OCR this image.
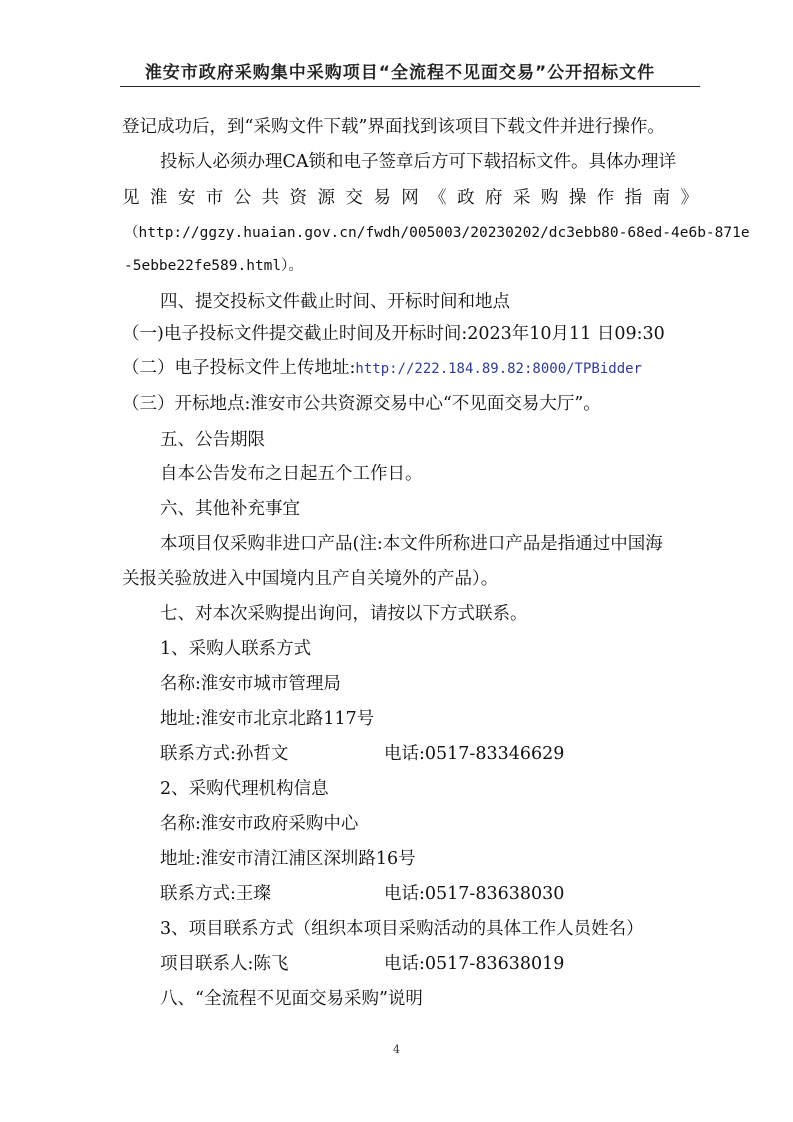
淮安市政府采购集中采购项目“全流程不见面交易”公开招标文件
登记成功后，到“采购文件下载”界面找到该项目下载文件并进行操作。
投标人必须办理CA锁和电子签章后方可下载招标文件。具体办理详
见淮安市公共资源交易网《政府采购操作指南》
（http://ggzy.huaian.gov.cn/fwdh/005003/20230202/dc3ebb80-68ed-4e6b-871e
-5ebbe22fe589.html）。
四、提交投标文件截止时间、开标时间和地点
（一)电子投标文件提交截止时间及开标时间:2023年10月11 日09:30
（二）电子投标文件上传地址:http://222.184.89.82:8000/TPBidder
（三）开标地点:淮安市公共资源交易中心“不见面交易大厅”。
五、公告期限
自本公告发布之日起五个工作日。
六、其他补充事宜
本项目仅采购非进口产品(注:本文件所称进口产品是指通过中国海
关报关验放进入中国境内且产自关境外的产品）。
七、对本次采购提出询问，请按以下方式联系。
1、采购人联系方式
名称:淮安市城市管理局
地址:淮安市北京北路117号
联系方式:孙哲文	电话:0517-83346629
2、采购代理机构信息
名称:淮安市政府采购中心
地址:淮安市清江浦区深圳路16号
联系方式:王璨	电话:0517-83638030
3、项目联系方式（组织本项目采购活动的具体工作人员姓名）
项目联系人:陈飞	电话:0517-83638019
八、“全流程不见面交易采购”说明
4
